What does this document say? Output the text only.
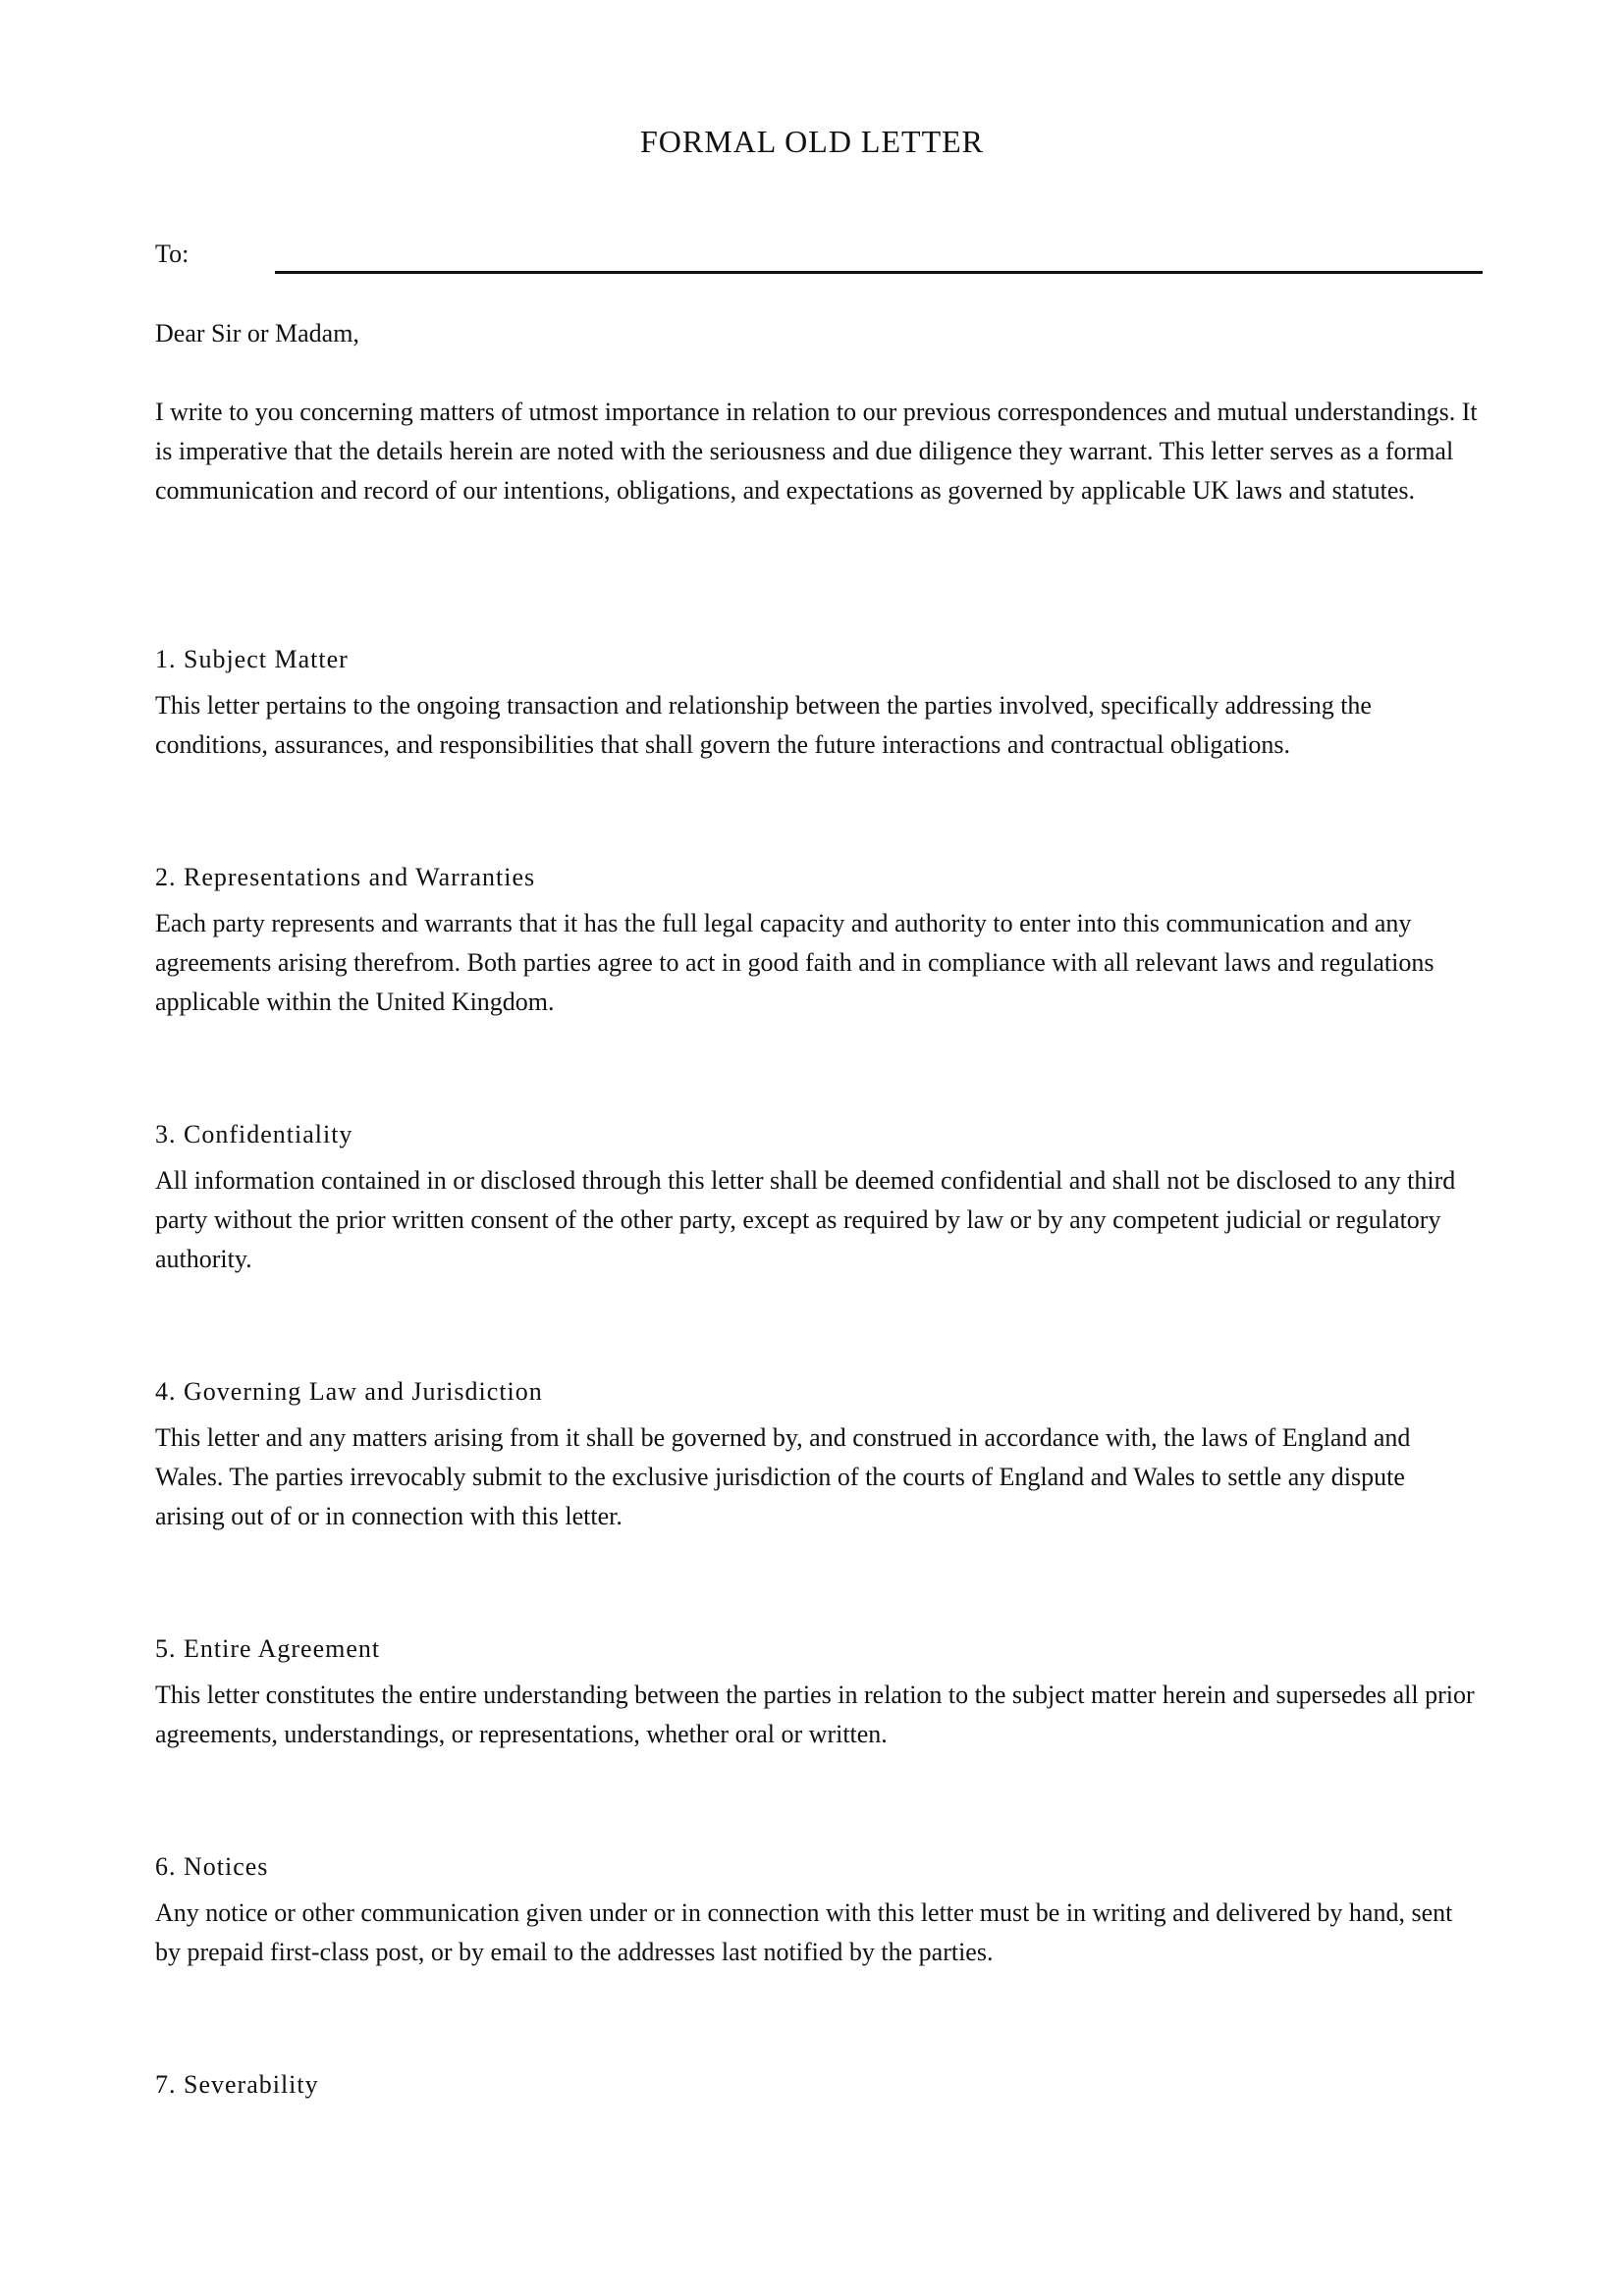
FORMAL OLD LETTER
To:

Dear Sir or Madam,

I write to you concerning matters of utmost importance in relation to our previous correspondences and mutual understandings. It is imperative that the details herein are noted with the seriousness and due diligence they warrant. This letter serves as a formal communication and record of our intentions, obligations, and expectations as governed by applicable UK laws and statutes.

1. Subject Matter

This letter pertains to the ongoing transaction and relationship between the parties involved, specifically addressing the conditions, assurances, and responsibilities that shall govern the future interactions and contractual obligations.

2. Representations and Warranties

Each party represents and warrants that it has the full legal capacity and authority to enter into this communication and any agreements arising therefrom. Both parties agree to act in good faith and in compliance with all relevant laws and regulations applicable within the United Kingdom.

3. Confidentiality

All information contained in or disclosed through this letter shall be deemed confidential and shall not be disclosed to any third party without the prior written consent of the other party, except as required by law or by any competent judicial or regulatory authority.

4. Governing Law and Jurisdiction

This letter and any matters arising from it shall be governed by, and construed in accordance with, the laws of England and Wales. The parties irrevocably submit to the exclusive jurisdiction of the courts of England and Wales to settle any dispute arising out of or in connection with this letter.

5. Entire Agreement

This letter constitutes the entire understanding between the parties in relation to the subject matter herein and supersedes all prior agreements, understandings, or representations, whether oral or written.

6. Notices

Any notice or other communication given under or in connection with this letter must be in writing and delivered by hand, sent by prepaid first-class post, or by email to the addresses last notified by the parties.

7. Severability
